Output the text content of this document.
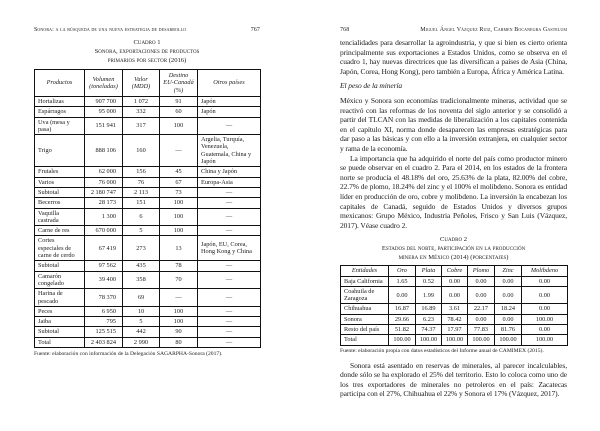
Sonora: a la búsqueda de una nueva estrategia de desarrollo	767
Cuadro 1
Sonora, exportaciones de productos
primarios por sector (2016)
Productos	Volumen (toneladas)	Valor (MDD)	Destino EU-Canadá (%)	Otros países
Hortalizas	907 700	1 072	91	Japón
Espárragos	95 000	332	60	Japón
Uva (mesa y pasa)	151 941	317	100	—
Trigo	888 106	160	—	Argelia, Turquía, Venezuela, Guatemala, China y Japón
Frutales	62 000	156	45	China y Japón
Varios	76 000	76	67	Europa-Asia
Subtotal	2 180 747	2 113	73	—
Becerros	28 173	151	100	—
Vaquilla castrada	1 300	6	100	—
Carne de res	670 000	5	100	—
Cortes especiales de carne de cerdo	67 419	273	13	Japón, EU, Corea, Hong Kong y China
Subtotal	97 562	435	78	—
Camarón congelado	39 400	358	70	—
Harina de pescado	78 370	69	—	—
Peces	6 950	10	100	—
Jaiba	795	5	100	—
Subtotal	125 515	442	90	—
Total	2 403 824	2 990	80	—
Fuente: elaboración con información de la Delegación SAGARPHA-Sonora (2017).
768	Miguel Ángel Vázquez Ruiz, Carmen Bocanegra Gastelum

tencialidades para desarrollar la agroindustria, y que si bien es cierto orienta principalmente sus exportaciones a Estados Unidos, como se observa en el cuadro 1, hay nuevas directrices que las diversifican a países de Asia (China, Japón, Corea, Hong Kong), pero también a Europa, África y América Latina.

El peso de la minería

México y Sonora son economías tradicionalmente mineras, actividad que se reactivó con las reformas de los noventa del siglo anterior y se consolidó a partir del TLCAN con las medidas de liberalización a los capitales contenida en el capítulo XI, norma donde desaparecen las empresas estratégicas para dar paso a las básicas y con ello a la inversión extranjera, en cualquier sector y rama de la economía.

La importancia que ha adquirido el norte del país como productor minero se puede observar en el cuadro 2. Para el 2014, en los estados de la frontera norte se producía el 48.18% del oro, 25.63% de la plata, 82.00% del cobre, 22.7% de plomo, 18.24% del zinc y el 100% el molibdeno. Sonora es entidad líder en producción de oro, cobre y molibdeno. La inversión la encabezan los capitales de Canadá, seguido de Estados Unidos y diversos grupos mexicanos: Grupo México, Industria Peñoles, Frisco y San Luis (Vázquez, 2017). Véase cuadro 2.

Cuadro 2
Estados del norte, participación en la producción
minera en México (2014) (porcentajes)
Entidades	Oro	Plata	Cobre	Plomo	Zinc	Molibdeno
Baja California	1.65	0.52	0.00	0.00	0.00	0.00
Coahuila de Zaragoza	0.00	1.99	0.00	0.00	0.00	0.00
Chihuahua	16.87	16.89	3.61	22.17	18.24	0.00
Sonora	29.66	6.23	78.42	0.00	0.00	100.00
Resto del país	51.82	74.37	17.97	77.83	81.76	0.00
Total	100.00	100.00	100.00	100.00	100.00	100.00
Fuente: elaboración propia con datos estadísticos del Informe anual de CAMIMEX (2015).

Sonora está asentado en reservas de minerales, al parecer incalculables, donde sólo se ha explorado el 25% del territorio. Esto lo coloca como uno de los tres exportadores de minerales no petroleros en el país: Zacatecas participa con el 27%, Chihuahua el 22% y Sonora el 17% (Vázquez, 2017).
